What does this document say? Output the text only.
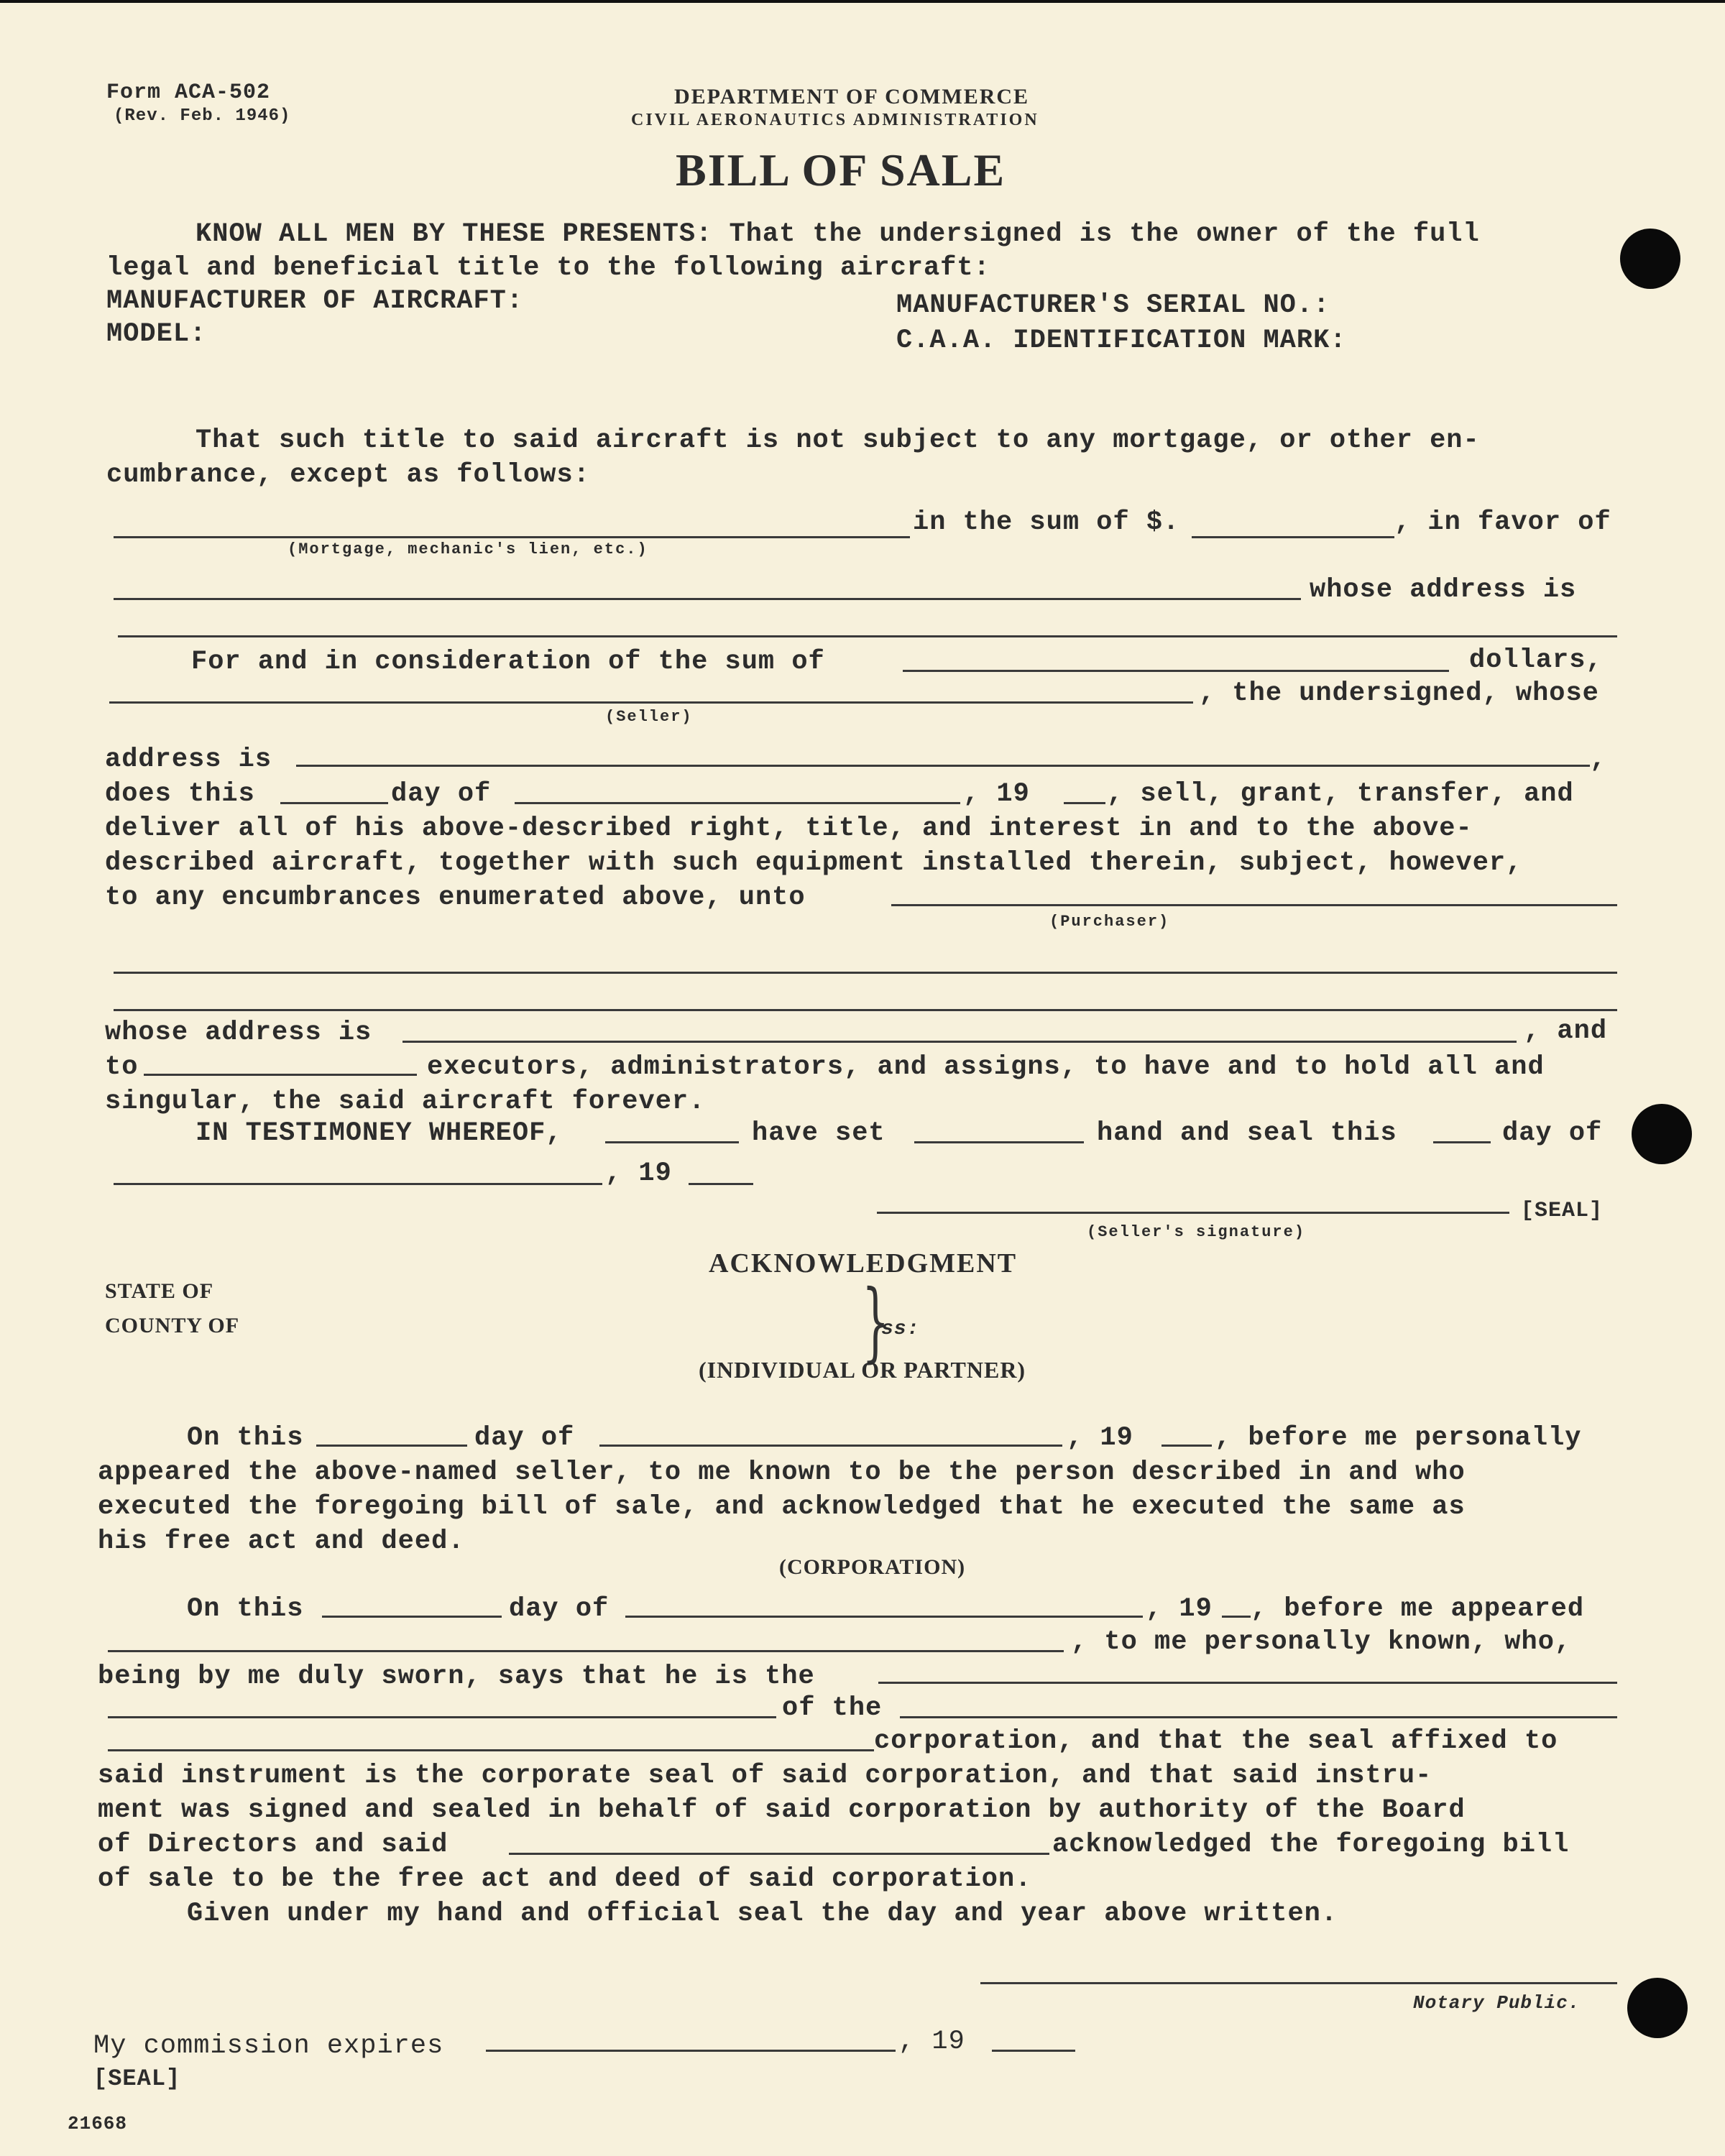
Form ACA-502
(Rev. Feb. 1946)
DEPARTMENT OF COMMERCE
CIVIL AERONAUTICS ADMINISTRATION
BILL OF SALE
KNOW ALL MEN BY THESE PRESENTS: That the undersigned is the owner of the full
legal and beneficial title to the following aircraft:
MANUFACTURER OF AIRCRAFT:	MANUFACTURER'S SERIAL NO.:
MODEL:	C.A.A. IDENTIFICATION MARK:
That such title to said aircraft is not subject to any mortgage, or other en-
cumbrance, except as follows:
in the sum of $.	, in favor of
(Mortgage, mechanic's lien, etc.)
whose address is
For and in consideration of the sum of	dollars,
, the undersigned, whose
(Seller)
address is	,
does this	day of	, 19	, sell, grant, transfer, and
deliver all of his above-described right, title, and interest in and to the above-
described aircraft, together with such equipment installed therein, subject, however,
to any encumbrances enumerated above, unto
(Purchaser)
whose address is	, and
to	executors, administrators, and assigns, to have and to hold all and
singular, the said aircraft forever.
IN TESTIMONEY WHEREOF,	have set	hand and seal this	day of
, 19
[SEAL]
(Seller's signature)
ACKNOWLEDGMENT
STATE OF
COUNTY OF	}
ss:
(INDIVIDUAL OR PARTNER)
On this	day of	, 19	, before me personally
appeared the above-named seller, to me known to be the person described in and who
executed the foregoing bill of sale, and acknowledged that he executed the same as
his free act and deed.
(CORPORATION)
On this	day of	, 19 , before me appeared
, to me personally known, who,
being by me duly sworn, says that he is the
of the
corporation, and that the seal affixed to
said instrument is the corporate seal of said corporation, and that said instru-
ment was signed and sealed in behalf of said corporation by authority of the Board
of Directors and said	acknowledged the foregoing bill
of sale to be the free act and deed of said corporation.
Given under my hand and official seal the day and year above written.
Notary Public.
My commission expires	, 19
[SEAL]
21668
